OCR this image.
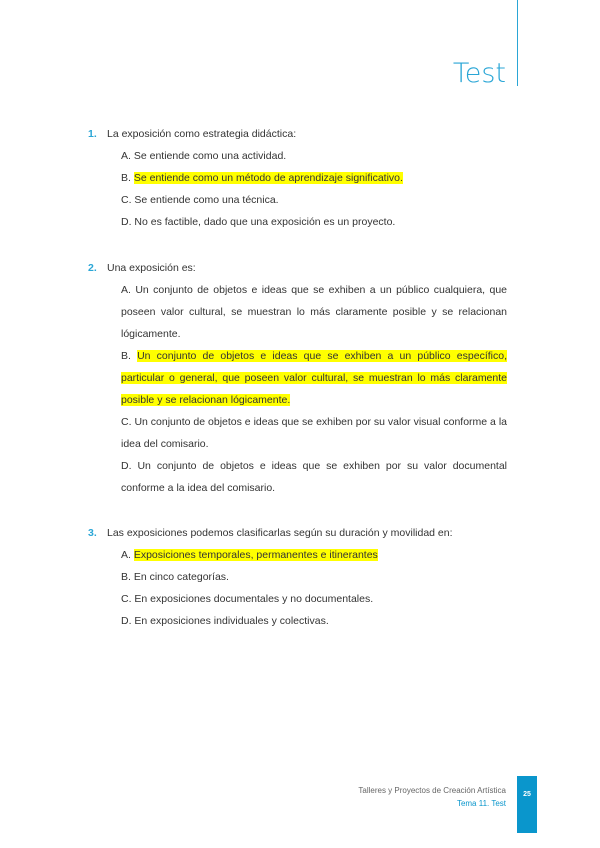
Test
1. La exposición como estrategia didáctica:
A. Se entiende como una actividad.
B. Se entiende como un método de aprendizaje significativo.
C. Se entiende como una técnica.
D. No es factible, dado que una exposición es un proyecto.
2. Una exposición es:
A. Un conjunto de objetos e ideas que se exhiben a un público cualquiera, que poseen valor cultural, se muestran lo más claramente posible y se relacionan lógicamente.
B. Un conjunto de objetos e ideas que se exhiben a un público específico, particular o general, que poseen valor cultural, se muestran lo más claramente posible y se relacionan lógicamente.
C. Un conjunto de objetos e ideas que se exhiben por su valor visual conforme a la idea del comisario.
D. Un conjunto de objetos e ideas que se exhiben por su valor documental conforme a la idea del comisario.
3. Las exposiciones podemos clasificarlas según su duración y movilidad en:
A. Exposiciones temporales, permanentes e itinerantes
B. En cinco categorías.
C. En exposiciones documentales y no documentales.
D. En exposiciones individuales y colectivas.
Talleres y Proyectos de Creación Artística
Tema 11. Test
25
